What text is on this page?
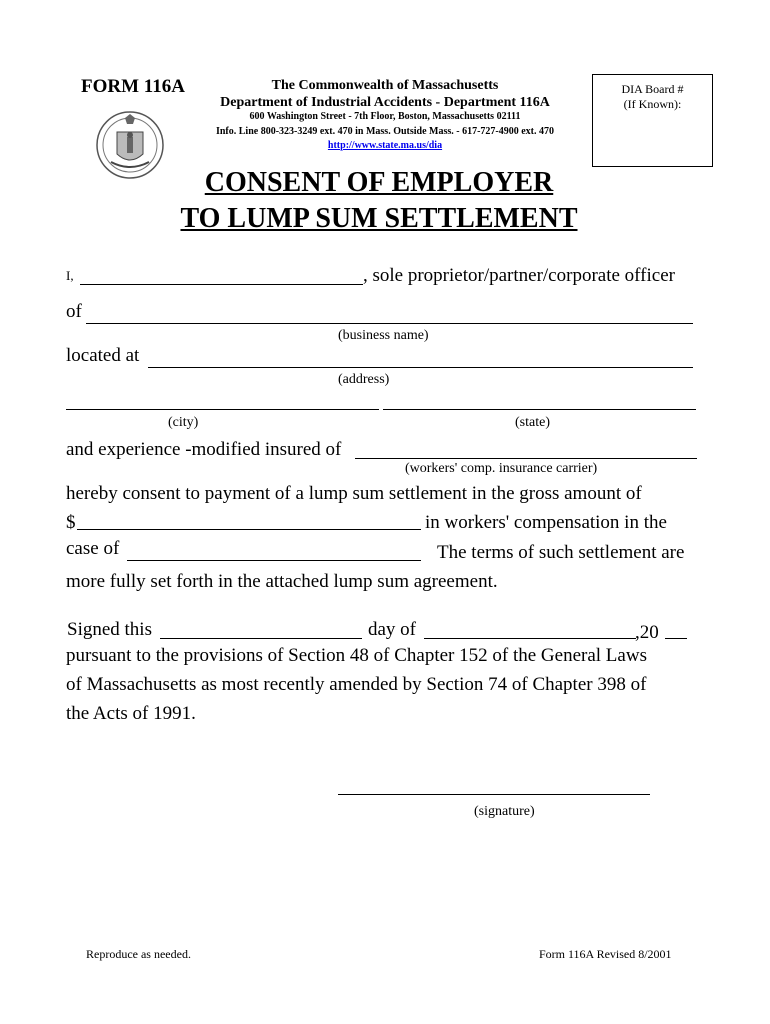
FORM 116A	The Commonwealth of Massachusetts
Department of Industrial Accidents - Department 116A
600 Washington Street - 7th Floor, Boston, Massachusetts 02111
Info. Line 800-323-3249 ext. 470 in Mass. Outside Mass. - 617-727-4900 ext. 470
http://www.state.ma.us/dia
DIA Board #
(If Known):
CONSENT OF EMPLOYER
TO LUMP SUM SETTLEMENT
I,	, sole proprietor/partner/corporate officer
of
(business name)
located at
(address)
(city)	(state)
and experience -modified insured of
(workers' comp. insurance carrier)
hereby consent to payment of a lump sum settlement in the gross amount of
$	in workers' compensation in the
case of	The terms of such settlement are
more fully set forth in the attached lump sum agreement.
Signed this	day of	,20
pursuant to the provisions of Section 48 of Chapter 152 of the General Laws
of Massachusetts as most recently amended by Section 74 of Chapter 398 of
the Acts of 1991.
(signature)
Reproduce as needed.	Form 116A Revised 8/2001
